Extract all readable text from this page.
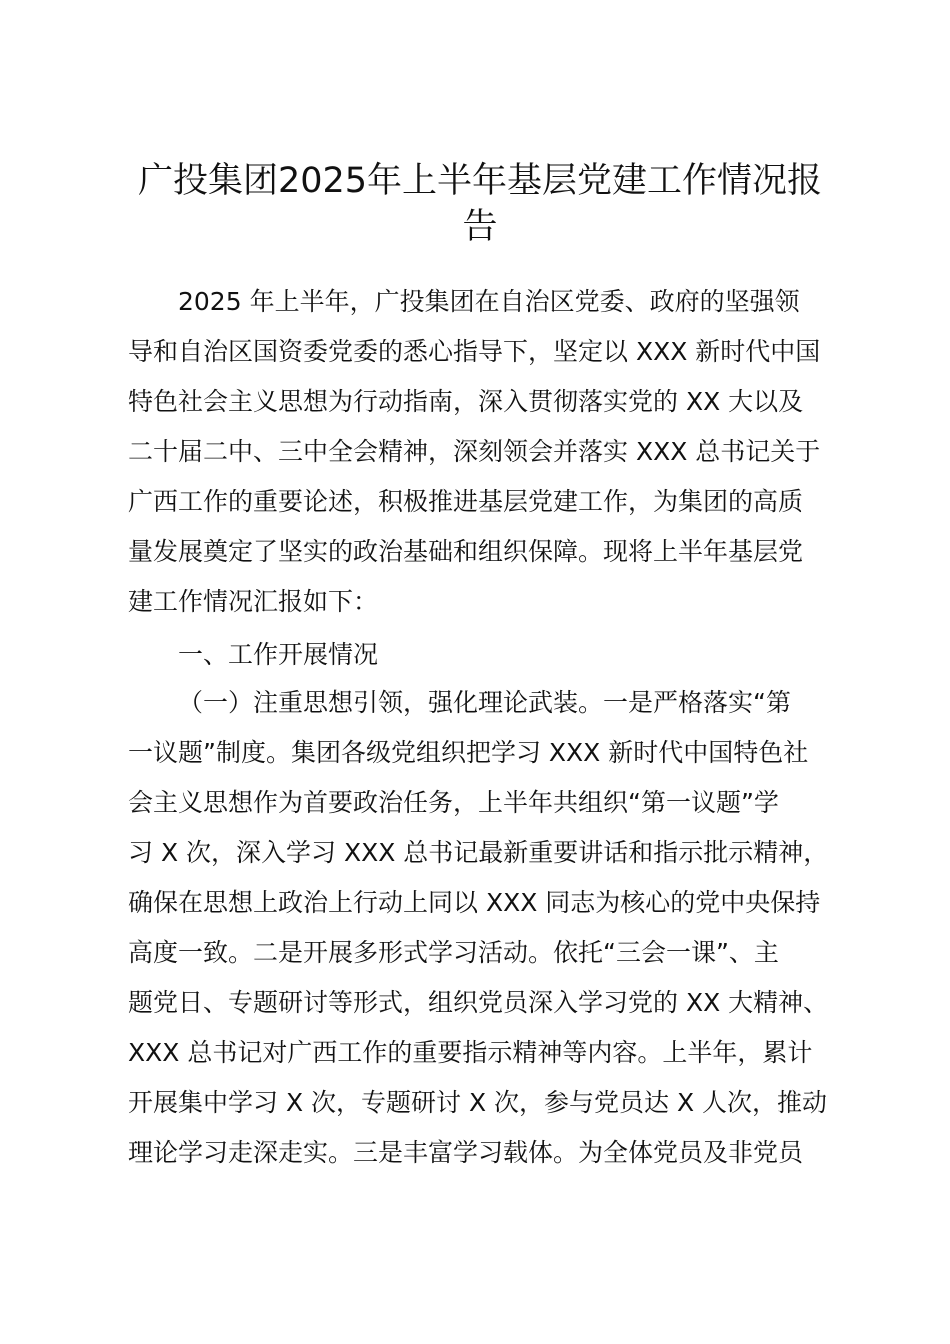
广投集团2025年上半年基层党建工作情况报
告
2025 年上半年，广投集团在自治区党委、政府的坚强领
导和自治区国资委党委的悉心指导下，坚定以 XXX 新时代中国
特色社会主义思想为行动指南，深入贯彻落实党的 XX 大以及
二十届二中、三中全会精神，深刻领会并落实 XXX 总书记关于
广西工作的重要论述，积极推进基层党建工作，为集团的高质
量发展奠定了坚实的政治基础和组织保障。现将上半年基层党
建工作情况汇报如下：
一、工作开展情况
（一）注重思想引领，强化理论武装。一是严格落实“第
一议题”制度。集团各级党组织把学习 XXX 新时代中国特色社
会主义思想作为首要政治任务，上半年共组织“第一议题”学
习 X 次，深入学习 XXX 总书记最新重要讲话和指示批示精神，
确保在思想上政治上行动上同以 XXX 同志为核心的党中央保持
高度一致。二是开展多形式学习活动。依托“三会一课”、主
题党日、专题研讨等形式，组织党员深入学习党的 XX 大精神、
XXX 总书记对广西工作的重要指示精神等内容。上半年，累计
开展集中学习 X 次，专题研讨 X 次，参与党员达 X 人次，推动
理论学习走深走实。三是丰富学习载体。为全体党员及非党员
